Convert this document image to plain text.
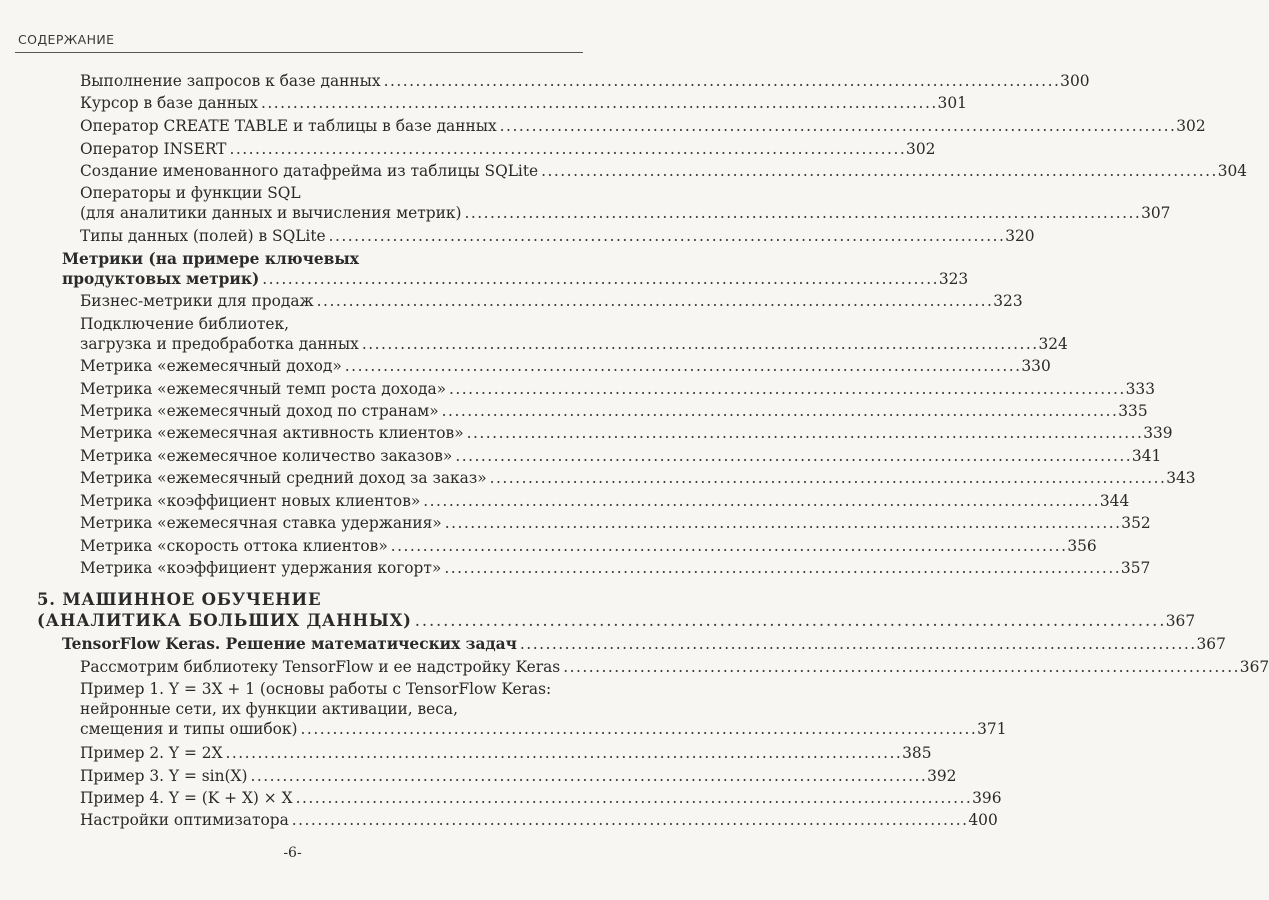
СОДЕРЖАНИЕ
Выполнение запросов к базе данных . . .	300
Курсор в базе данных . . .	301
Оператор CREATE TABLE и таблицы в базе данных . . .	302
Оператор INSERT . . .	302
Создание именованного датафрейма из таблицы SQLite . . .	304
Операторы и функции SQL
(для аналитики данных и вычисления метрик) . . .	307
Типы данных (полей) в SQLite . . .	320
Метрики (на примере ключевых
продуктовых метрик) . . .	323
Бизнес-метрики для продаж . . .	323
Подключение библиотек,
загрузка и предобработка данных . . .	324
Метрика «ежемесячный доход» . . .	330
Метрика «ежемесячный темп роста дохода» . . .	333
Метрика «ежемесячный доход по странам» . . .	335
Метрика «ежемесячная активность клиентов» . . .	339
Метрика «ежемесячное количество заказов» . . .	341
Метрика «ежемесячный средний доход за заказ» . . .	343
Метрика «коэффициент новых клиентов» . . .	344
Метрика «ежемесячная ставка удержания» . . .	352
Метрика «скорость оттока клиентов» . . .	356
Метрика «коэффициент удержания когорт» . . .	357
5. МАШИННОЕ ОБУЧЕНИЕ
(АНАЛИТИКА БОЛЬШИХ ДАННЫХ) . . .	367
TensorFlow Keras. Решение математических задач . . .	367
Рассмотрим библиотеку TensorFlow и ее надстройку Keras . . .	367
Пример 1. Y = 3X + 1 (основы работы с TensorFlow Keras:
нейронные сети, их функции активации, веса,
смещения и типы ошибок) . . .	371
Пример 2. Y = 2X . . .	385
Пример 3. Y = sin(X) . . .	392
Пример 4. Y = (K + X) × X . . .	396
Настройки оптимизатора . . .	400
-6-
